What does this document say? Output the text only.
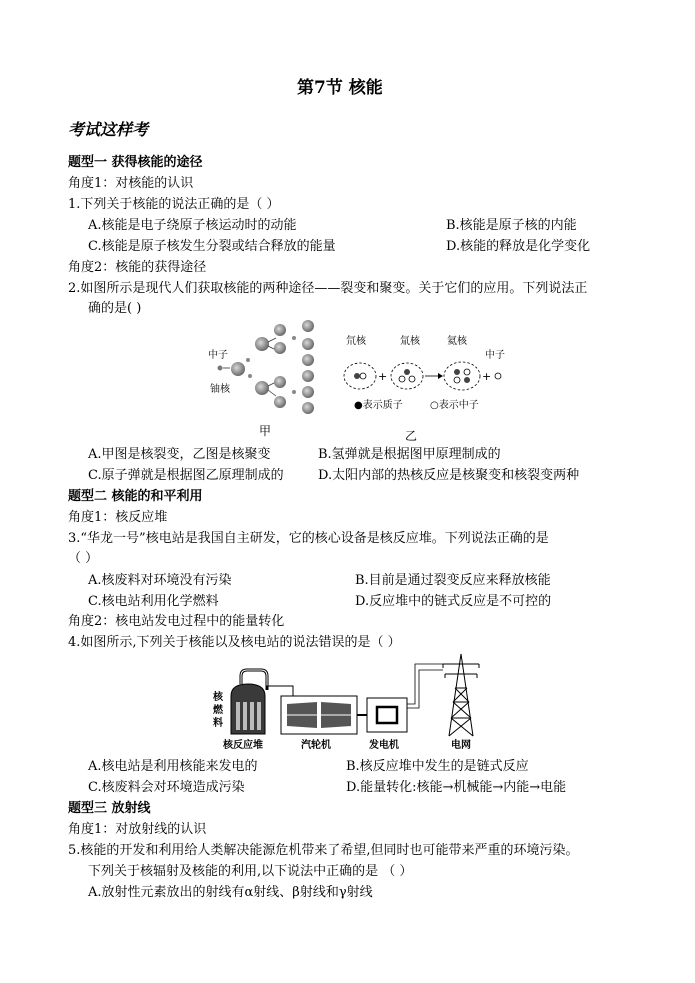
第7节 核能
考试这样考
题型一 获得核能的途径
角度1：对核能的认识
1.下列关于核能的说法正确的是（ ）
A.核能是电子绕原子核运动时的动能	B.核能是原子核的内能
C.核能是原子核发生分裂或结合释放的能量	D.核能的释放是化学变化
角度2：核能的获得途径
2.如图所示是现代人们获取核能的两种途径——裂变和聚变。关于它们的应用。下列说法正
确的是( )
中子
铀核
甲
氘核	氚核	氦核
中子
+	+
●表示质子	○表示中子
乙
A.甲图是核裂变，乙图是核聚变	B.氢弹就是根据图甲原理制成的
C.原子弹就是根据图乙原理制成的	D.太阳内部的热核反应是核聚变和核裂变两种
题型二 核能的和平利用
角度1：核反应堆
3.“华龙一号”核电站是我国自主研发，它的核心设备是核反应堆。下列说法正确的是
（ ）
A.核废料对环境没有污染	B.目前是通过裂变反应来释放核能
C.核电站利用化学燃料	D.反应堆中的链式反应是不可控的
角度2：核电站发电过程中的能量转化
4.如图所示,下列关于核能以及核电站的说法错误的是（ ）
核
燃
料
核反应堆	汽轮机	发电机	电网
A.核电站是利用核能来发电的	B.核反应堆中发生的是链式反应
C.核废料会对环境造成污染	D.能量转化:核能→机械能→内能→电能
题型三 放射线
角度1：对放射线的认识
5.核能的开发和利用给人类解决能源危机带来了希望,但同时也可能带来严重的环境污染。
下列关于核辐射及核能的利用,以下说法中正确的是 （ ）
A.放射性元素放出的射线有α射线、β射线和γ射线
